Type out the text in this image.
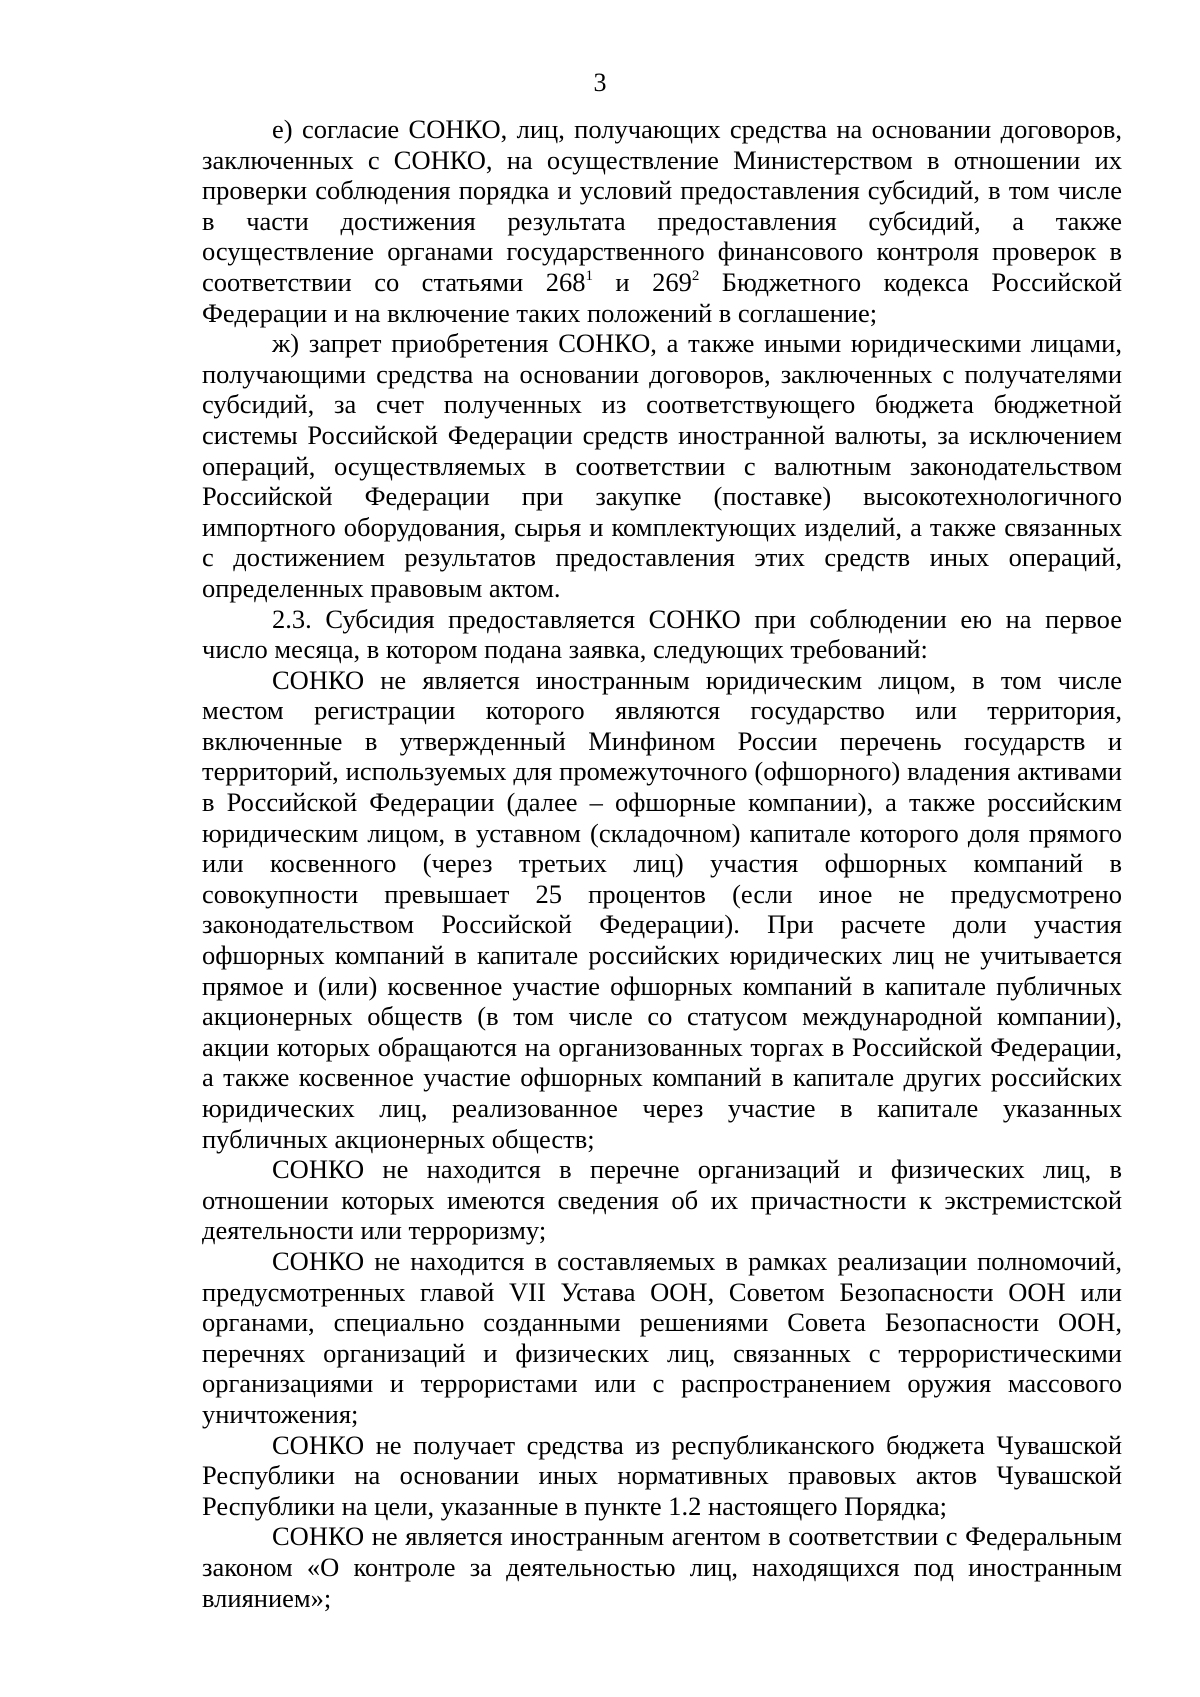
3

е) согласие СОНКО, лиц, получающих средства на основании договоров, заключенных с СОНКО, на осуществление Министерством в отношении их проверки соблюдения порядка и условий предоставления субсидий, в том числе в части достижения результата предоставления субсидий, а также осуществление органами государственного финансового контроля проверок в соответствии со статьями $268^1$ и $269^2$ Бюджетного кодекса Российской Федерации и на включение таких положений в соглашение;

ж) запрет приобретения СОНКО, а также иными юридическими лицами, получающими средства на основании договоров, заключенных с получателями субсидий, за счет полученных из соответствующего бюджета бюджетной системы Российской Федерации средств иностранной валюты, за исключением операций, осуществляемых в соответствии с валютным законодательством Российской Федерации при закупке (поставке) высокотехнологичного импортного оборудования, сырья и комплектующих изделий, а также связанных с достижением результатов предоставления этих средств иных операций, определенных правовым актом.

2.3. Субсидия предоставляется СОНКО при соблюдении ею на первое число месяца, в котором подана заявка, следующих требований:

СОНКО не является иностранным юридическим лицом, в том числе местом регистрации которого являются государство или территория, включенные в утвержденный Минфином России перечень государств и территорий, используемых для промежуточного (офшорного) владения активами в Российской Федерации (далее – офшорные компании), а также российским юридическим лицом, в уставном (складочном) капитале которого доля прямого или косвенного (через третьих лиц) участия офшорных компаний в совокупности превышает 25 процентов (если иное не предусмотрено законодательством Российской Федерации). При расчете доли участия офшорных компаний в капитале российских юридических лиц не учитывается прямое и (или) косвенное участие офшорных компаний в капитале публичных акционерных обществ (в том числе со статусом международной компании), акции которых обращаются на организованных торгах в Российской Федерации, а также косвенное участие офшорных компаний в капитале других российских юридических лиц, реализованное через участие в капитале указанных публичных акционерных обществ;

СОНКО не находится в перечне организаций и физических лиц, в отношении которых имеются сведения об их причастности к экстремистской деятельности или терроризму;

СОНКО не находится в составляемых в рамках реализации полномочий, предусмотренных главой VII Устава ООН, Советом Безопасности ООН или органами, специально созданными решениями Совета Безопасности ООН, перечнях организаций и физических лиц, связанных с террористическими организациями и террористами или с распространением оружия массового уничтожения;

СОНКО не получает средства из республиканского бюджета Чувашской Республики на основании иных нормативных правовых актов Чувашской Республики на цели, указанные в пункте 1.2 настоящего Порядка;

СОНКО не является иностранным агентом в соответствии с Федеральным законом «О контроле за деятельностью лиц, находящихся под иностранным влиянием»;
